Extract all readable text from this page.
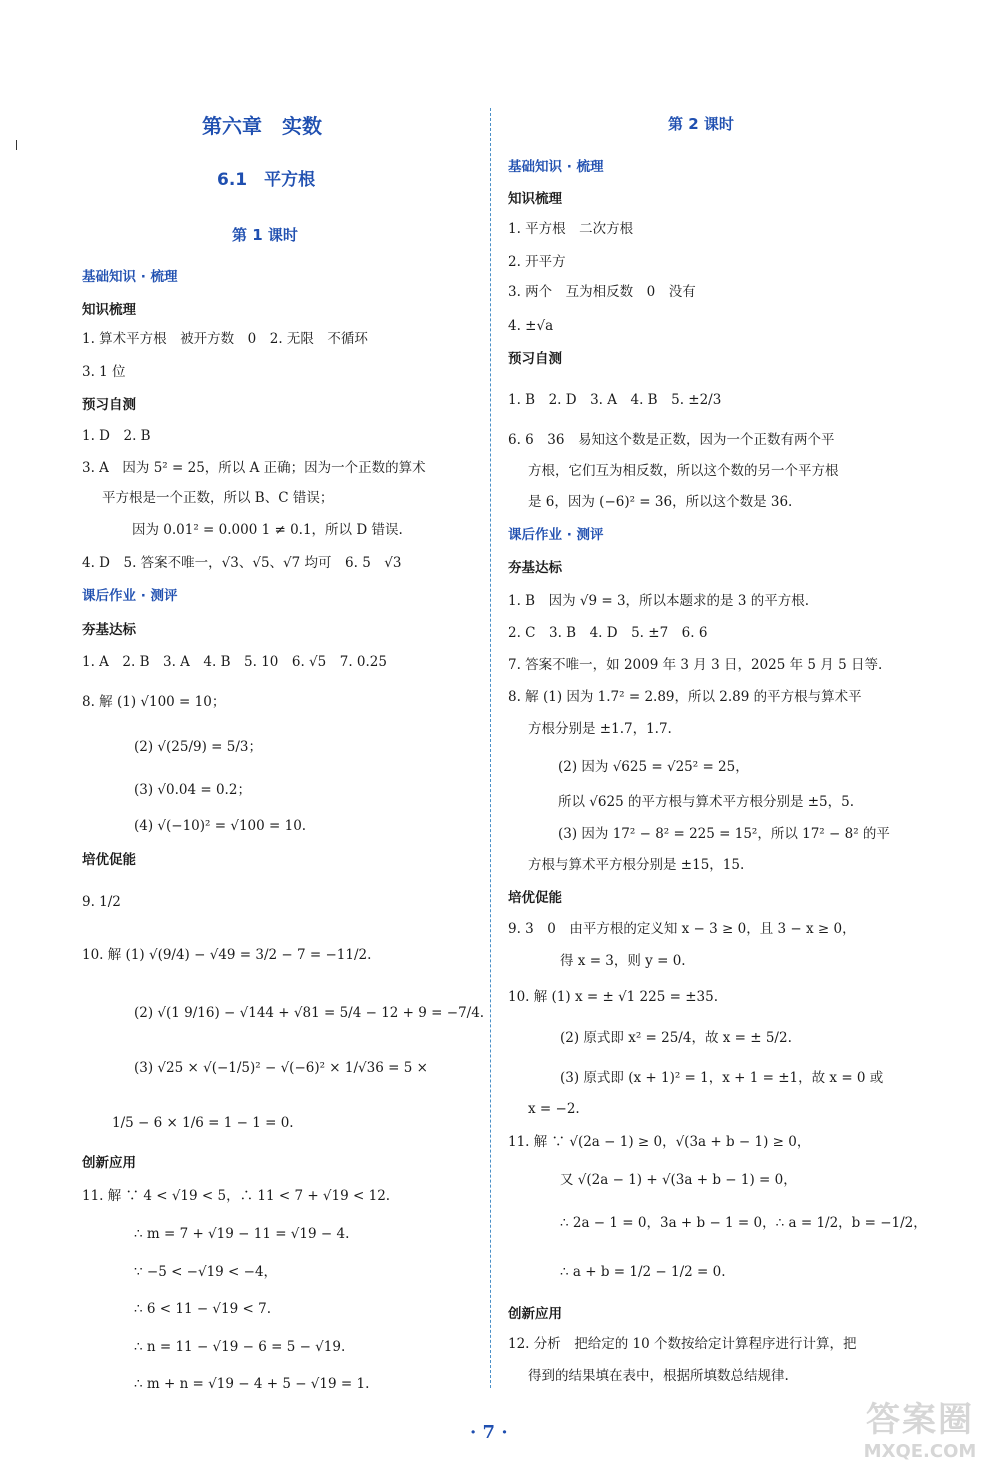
第六章　实数
6.1　平方根
第 1 课时
基础知识 · 梳理
知识梳理
1. 算术平方根　被开方数　0　2. 无限　不循环
3. 1 位
预习自测
1. D　2. B
3. A　因为 5² = 25，所以 A 正确；因为一个正数的算术
平方根是一个正数，所以 B、C 错误；
因为 0.01² = 0.000 1 ≠ 0.1，所以 D 错误.
4. D　5. 答案不唯一，√3、√5、√7 均可　6. 5　√3
课后作业 · 测评
夯基达标
1. A　2. B　3. A　4. B　5. 10　6. √5　7. 0.25
8. 解 (1) √100 = 10；
(2) √(25/9) = 5/3；
(3) √0.04 = 0.2；
(4) √(−10)² = √100 = 10.
培优促能
9. 1/2
10. 解 (1) √(9/4) − √49 = 3/2 − 7 = −11/2.
(2) √(1 9/16) − √144 + √81 = 5/4 − 12 + 9 = −7/4.
(3) √25 × √(−1/5)² − √(−6)² × 1/√36 = 5 ×
1/5 − 6 × 1/6 = 1 − 1 = 0.
创新应用
11. 解 ∵ 4 < √19 < 5，∴ 11 < 7 + √19 < 12.
∴ m = 7 + √19 − 11 = √19 − 4.
∵ −5 < −√19 < −4，
∴ 6 < 11 − √19 < 7.
∴ n = 11 − √19 − 6 = 5 − √19.
∴ m + n = √19 − 4 + 5 − √19 = 1.
第 2 课时
基础知识 · 梳理
知识梳理
1. 平方根　二次方根
2. 开平方
3. 两个　互为相反数　0　没有
4. ±√a
预习自测
1. B　2. D　3. A　4. B　5. ±2/3
6. 6　36　易知这个数是正数，因为一个正数有两个平
方根，它们互为相反数，所以这个数的另一个平方根
是 6，因为 (−6)² = 36，所以这个数是 36.
课后作业 · 测评
夯基达标
1. B　因为 √9 = 3，所以本题求的是 3 的平方根.
2. C　3. B　4. D　5. ±7　6. 6
7. 答案不唯一，如 2009 年 3 月 3 日，2025 年 5 月 5 日等.
8. 解 (1) 因为 1.7² = 2.89，所以 2.89 的平方根与算术平
方根分别是 ±1.7，1.7.
(2) 因为 √625 = √25² = 25，
所以 √625 的平方根与算术平方根分别是 ±5，5.
(3) 因为 17² − 8² = 225 = 15²，所以 17² − 8² 的平
方根与算术平方根分别是 ±15，15.
培优促能
9. 3　0　由平方根的定义知 x − 3 ≥ 0，且 3 − x ≥ 0，
得 x = 3，则 y = 0.
10. 解 (1) x = ± √1 225 = ±35.
(2) 原式即 x² = 25/4，故 x = ± 5/2.
(3) 原式即 (x + 1)² = 1，x + 1 = ±1，故 x = 0 或
x = −2.
11. 解 ∵ √(2a − 1) ≥ 0，√(3a + b − 1) ≥ 0，
又 √(2a − 1) + √(3a + b − 1) = 0，
∴ 2a − 1 = 0，3a + b − 1 = 0，∴ a = 1/2，b = −1/2，
∴ a + b = 1/2 − 1/2 = 0.
创新应用
12. 分析　把给定的 10 个数按给定计算程序进行计算，把
得到的结果填在表中，根据所填数总结规律.
· 7 ·	答案圈
MXQE.COM
